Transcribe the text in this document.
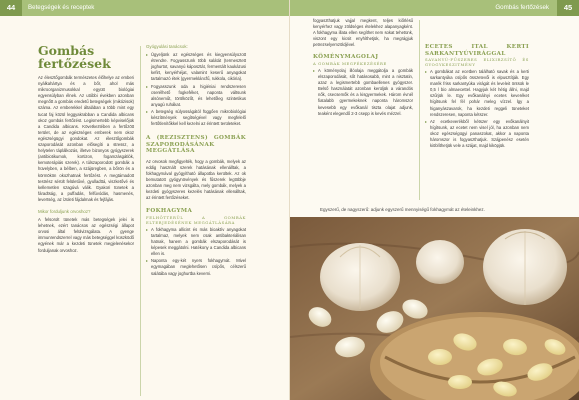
44	Betegségek és receptek	Gombás fertőzések	45
Gombás
fertőzések

Az élesztőgombák természetes élőhelye az emberi nyálkahártya és a bőr, ahol más mikroorganizmusokkal együtt biológiai egyensúlyban élnek. Az utóbbi években azonban megnőtt a gombás eredetű betegségek (mikózisok) száma. Az emberekkel általában a több mint egy tucat faj közül leggyakrabban a Candida albicans okoz gombás fertőzést. Legismertebb képviselőjük a Candida albicans. Következtében a fertőzött terület, de az egészséges emberek nem okoz egészségügyi gondokat. Az élesztőgombák szaporodását azonban elősegíti a stressz, a helytelen táplálkozás, illetve bizonyos gyógyszerek (antibiotikumok, kortizon, fogamzásgátlók, kemoterápiás szerek). A túlszaporodott gombák a hüvelyben, a bélben, a szájüregben, a bőrön és a körmökön okozhatnak fertőzést. A megtámadott testrész sérült felületűvé, gyulladttá, viszketővé és kellemetlen szagúvá válik. Gyakori tünetek a fáradtság, a puffadás, felfúvódás, hasmenés, levertség, az ízületi fájdalmak és fejfájás.

Mikor forduljunk orvoshoz?

A felsorolt tünetek más betegségek jelei is lehetnek, ezért tanácsos az egészségi állapot orvosi által felülvizsgálata. A gyenge immunrendszerrel vagy más betegséggel küszködő egyének már a kezdeti tünetek megjelenésekor forduljanak orvoshoz.

Gyógyulási tanácsok:
▸ Ügyeljünk az egészséges és kiegyensúlyozott étrendre. Fogyasszunk több salátát (termesztett joghurtot, savanyú káposztát, fermentált kaukázusi kefirt, kenyérhéjat, valamint keserű anyagokat tartalmazó étek (gyermekláncfű, rukkola, cikória).
▸ Fogyasszunk oda a higiéniai rendszeresen cserélhető fogkeféket, naponta váltsunk alsóneműt, törölközőt, és lehetőleg szintetikus anyagú ruhákat.
▸ A betegség súlyosságától függően mikrobiológiai készítmények segítségével vagy megfelelő fertőtlenítőkkel kell kezelni az érintett területeket.
A (REZISZTENS) GOMBÁK SZAPORODÁSÁNAK MEGGÁTLÁSA

Az orvosok megfigyelték, hogy a gombák, melyek az eddig használt szerek hatásának ellenálltak, a fokhagymával gyógyítható állapotba kerültek. Az ok bemutatott gyógynövények és fűszerek legtöbbje azonban meg nem vizsgálta, mely gombák, melyek a kezdeti gyógyszeres kezelés hatásának ellenálltak, az érintett fertőzéseket.

FOKHAGYMA
FELHŐTTERÜL A GOMBÁK ELTERJEDÉSÉNEK MEGGÁTLÁSÁRA
▸ A fokhagyma allicint és más bioaktív anyagokat tartalmaz, melyek nem csak antibakteriálisan hatnak, hanem a gombák elszaporodását is képesek meggátolni. Hatékony a Candida albicans ellen is.
▸ Naponta egy-két nyers fokhagymát. Mivel egymagában meglehetősen csípős, célszerű salátába vagy joghurtba keverni.

fogyaszthatjuk vajjal megkent, teljes kiőrlésű kenyérhez vagy zöldséges ételekhez alapanyagként. A fokhagyma illata ellen segíthet nem sokat tehetünk, viszont egy kicsit enyhíthetjük, ha megrágjuk petrezselyemzöldjével.

KÖMÉNYMAGOLAJ
A GOMBÁK MEGFÉKEZÉSÉRE
▸ A köményolaj illóolaja meggátolja a gombák elszaporodását, sőt hatásosabb, mint a nisztatin, azaz a legismertebb gombaellenes gyógyszer. Belső használatát azonban kerüljük a várandós nők, csecsemők és a kisgyermekek. Három évnél fiatalabb gyermekeknek naponta háromszor kevesebb egy evőkanál tiszta olajat adjunk, teaként elegendő 2-3 csepp is kevés mézzel.
ECETES ITAL KERTI SARKANTYÚVIRÁGGAL
SAVANYÚ-FŰSZERES ELIXIRZSÍTŐ ÉS GYOGYKESZITMÉNY
▸ A gombákat az ecetben található savak és a kerti sarkantyúka csípős összetevői is elpusztítják. Egy marék friss sarkantyúka virágát és leveleit öntsük le 0,5 l bio almaecettel. Hagyjuk két hétig állni, majd szűrjük le. Egy evőkanálnyi ecetes keveréket hígítsunk fel fél pohár meleg vízzel. Így a higanyászavarok, ha kezdeti reggeli tüneteket rendszeresen, naponta kétszer.
▸ Az ecetkeverékből kétszer egy evőkanálnyit hígítsunk, az ecetet nem visel jól, ha azonban nem okoz egészségügyi panaszokat, akkor a naponta háromszor is fogyaszthatjuk. Szájpenész esetén kiöblíthetjük vele a szájat, majd kiköpjük.
Egyszerű, de nagyszerű: adjunk egyszerű mennyiségű fokhagymát az ételeinkhez.
